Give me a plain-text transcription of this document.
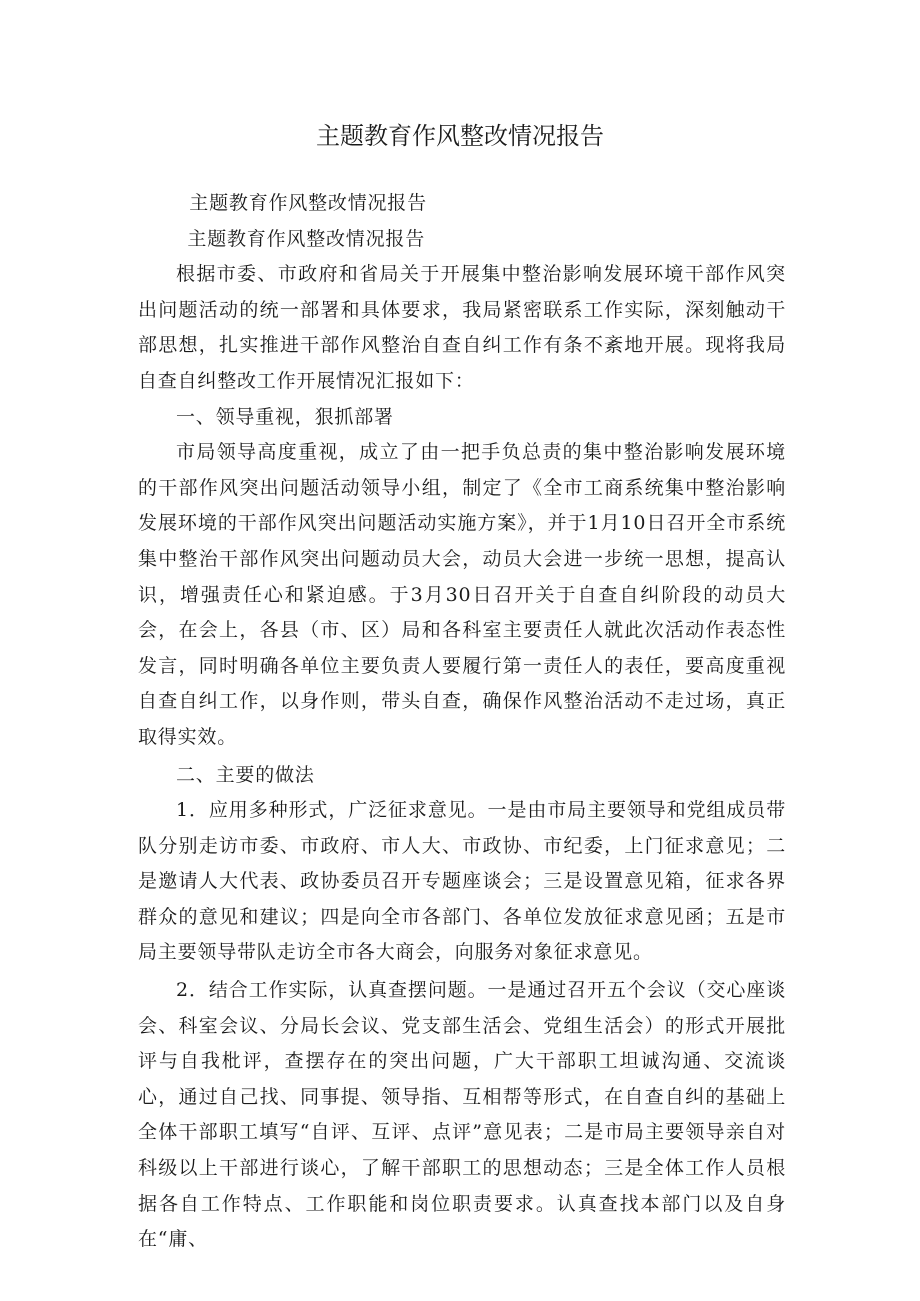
主题教育作风整改情况报告

主题教育作风整改情况报告

主题教育作风整改情况报告

根据市委、市政府和省局关于开展集中整治影响发展环境干部作风突出问题活动的统一部署和具体要求，我局紧密联系工作实际，深刻触动干部思想，扎实推进干部作风整治自查自纠工作有条不紊地开展。现将我局自查自纠整改工作开展情况汇报如下：

一、领导重视，狠抓部署

市局领导高度重视，成立了由一把手负总责的集中整治影响发展环境的干部作风突出问题活动领导小组，制定了《全市工商系统集中整治影响发展环境的干部作风突出问题活动实施方案》，并于1月10日召开全市系统集中整治干部作风突出问题动员大会，动员大会进一步统一思想，提高认识，增强责任心和紧迫感。于3月30日召开关于自查自纠阶段的动员大会，在会上，各县（市、区）局和各科室主要责任人就此次活动作表态性发言，同时明确各单位主要负责人要履行第一责任人的表任，要高度重视自查自纠工作，以身作则，带头自查，确保作风整治活动不走过场，真正取得实效。

二、主要的做法

1．应用多种形式，广泛征求意见。一是由市局主要领导和党组成员带队分别走访市委、市政府、市人大、市政协、市纪委，上门征求意见；二是邀请人大代表、政协委员召开专题座谈会；三是设置意见箱，征求各界群众的意见和建议；四是向全市各部门、各单位发放征求意见函；五是市局主要领导带队走访全市各大商会，向服务对象征求意见。

2．结合工作实际，认真查摆问题。一是通过召开五个会议（交心座谈会、科室会议、分局长会议、党支部生活会、党组生活会）的形式开展批评与自我枇评，查摆存在的突出问题，广大干部职工坦诚沟通、交流谈心，通过自己找、同事提、领导指、互相帮等形式，在自查自纠的基础上全体干部职工填写“自评、互评、点评”意见表；二是市局主要领导亲自对科级以上干部进行谈心，了解干部职工的思想动态；三是全体工作人员根据各自工作特点、工作职能和岗位职责要求。认真查找本部门以及自身在“庸、
